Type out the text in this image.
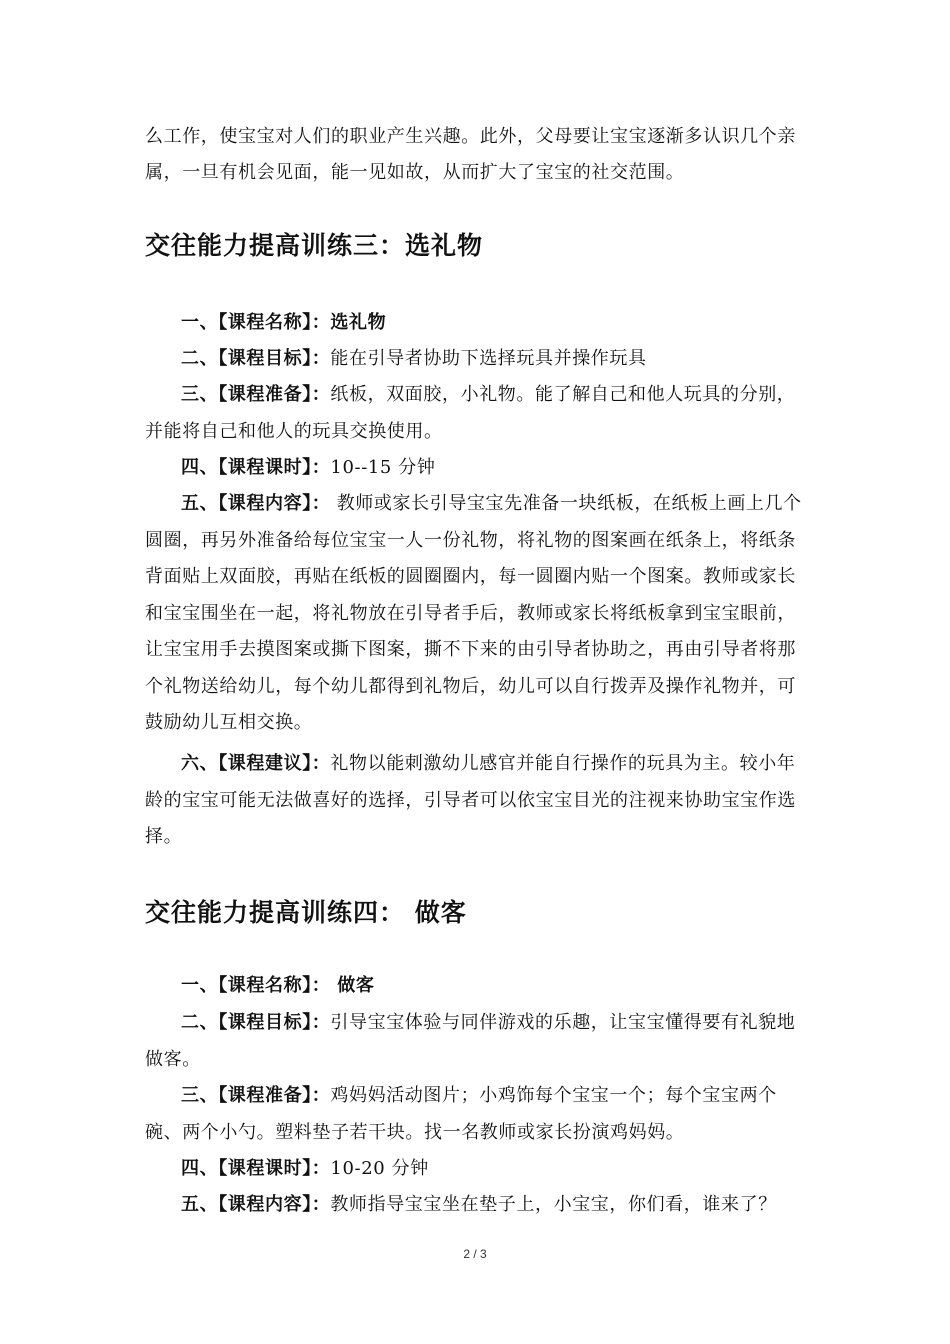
么工作，使宝宝对人们的职业产生兴趣。此外，父母要让宝宝逐渐多认识几个亲属，一旦有机会见面，能一见如故，从而扩大了宝宝的社交范围。

交往能力提高训练三：选礼物

一、【课程名称】：选礼物

二、【课程目标】：能在引导者协助下选择玩具并操作玩具

三、【课程准备】：纸板，双面胶，小礼物。能了解自己和他人玩具的分别，并能将自己和他人的玩具交换使用。

四、【课程课时】：10--15 分钟

五、【课程内容】： 教师或家长引导宝宝先准备一块纸板，在纸板上画上几个圆圈，再另外准备给每位宝宝一人一份礼物，将礼物的图案画在纸条上，将纸条背面贴上双面胶，再贴在纸板的圆圈圈内，每一圆圈内贴一个图案。教师或家长和宝宝围坐在一起，将礼物放在引导者手后，教师或家长将纸板拿到宝宝眼前，让宝宝用手去摸图案或撕下图案，撕不下来的由引导者协助之，再由引导者将那个礼物送给幼儿，每个幼儿都得到礼物后，幼儿可以自行拨弄及操作礼物并，可鼓励幼儿互相交换。

六、【课程建议】：礼物以能刺激幼儿感官并能自行操作的玩具为主。较小年龄的宝宝可能无法做喜好的选择，引导者可以依宝宝目光的注视来协助宝宝作选择。

交往能力提高训练四： 做客

一、【课程名称】： 做客

二、【课程目标】：引导宝宝体验与同伴游戏的乐趣，让宝宝懂得要有礼貌地做客。

三、【课程准备】：鸡妈妈活动图片；小鸡饰每个宝宝一个；每个宝宝两个碗、两个小勺。塑料垫子若干块。找一名教师或家长扮演鸡妈妈。

四、【课程课时】：10-20 分钟

五、【课程内容】：教师指导宝宝坐在垫子上，小宝宝，你们看，谁来了？

2 / 3
